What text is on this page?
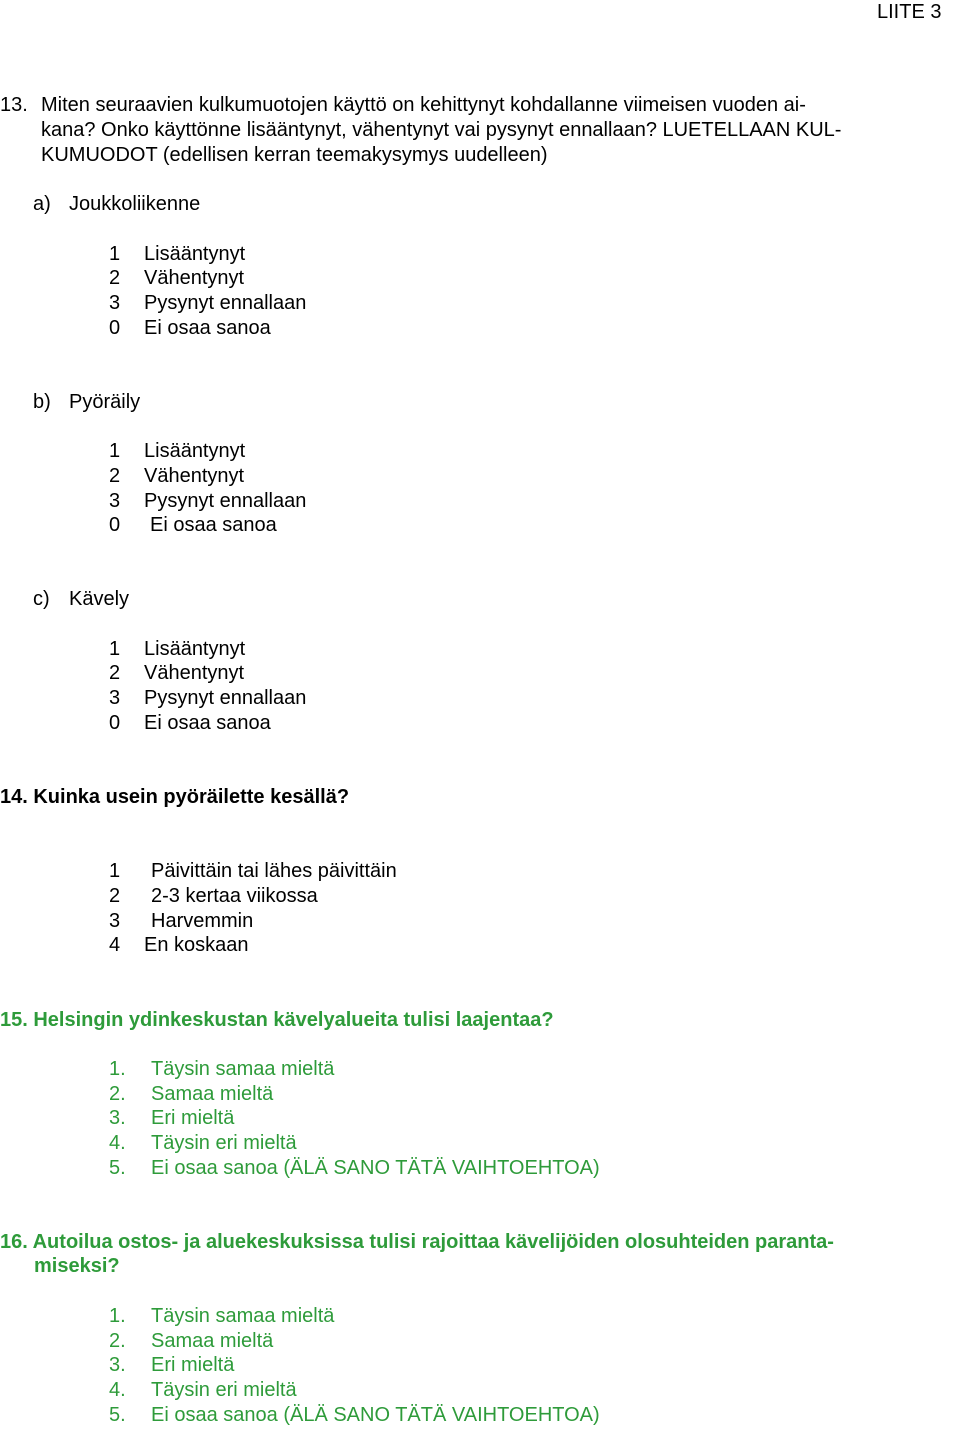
LIITE 3
13. Miten seuraavien kulkumuotojen käyttö on kehittynyt kohdallanne viimeisen vuoden ai-
kana? Onko käyttönne lisääntynyt, vähentynyt vai pysynyt ennallaan? LUETELLAAN KUL-
KUMUODOT (edellisen kerran teemakysymys uudelleen)
a) Joukkoliikenne
1 Lisääntynyt
2 Vähentynyt
3 Pysynyt ennallaan
0 Ei osaa sanoa
b) Pyöräily
1 Lisääntynyt
2 Vähentynyt
3 Pysynyt ennallaan
0 Ei osaa sanoa
c) Kävely
1 Lisääntynyt
2 Vähentynyt
3 Pysynyt ennallaan
0 Ei osaa sanoa
14. Kuinka usein pyöräilette kesällä?
1 Päivittäin tai lähes päivittäin
2 2-3 kertaa viikossa
3 Harvemmin
4 En koskaan
15. Helsingin ydinkeskustan kävelyalueita tulisi laajentaa?
1. Täysin samaa mieltä
2. Samaa mieltä
3. Eri mieltä
4. Täysin eri mieltä
5. Ei osaa sanoa (ÄLÄ SANO TÄTÄ VAIHTOEHTOA)
16. Autoilua ostos- ja aluekeskuksissa tulisi rajoittaa kävelijöiden olosuhteiden paranta-
miseksi?
1. Täysin samaa mieltä
2. Samaa mieltä
3. Eri mieltä
4. Täysin eri mieltä
5. Ei osaa sanoa (ÄLÄ SANO TÄTÄ VAIHTOEHTOA)
